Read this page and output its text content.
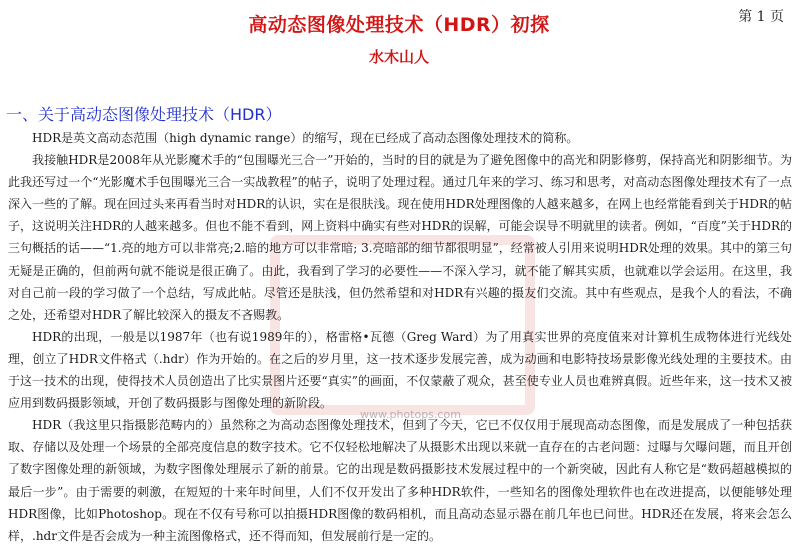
www.photops.com
第 1 页
高动态图像处理技术（HDR）初探
水木山人
一、关于高动态图像处理技术（HDR）

HDR是英文高动态范围（high dynamic range）的缩写，现在已经成了高动态图像处理技术的简称。

我接触HDR是2008年从光影魔术手的“包围曝光三合一”开始的，当时的目的就是为了避免图像中的高光和阴影修剪，保持高光和阴影细节。为此我还写过一个“光影魔术手包围曝光三合一实战教程”的帖子，说明了处理过程。通过几年来的学习、练习和思考，对高动态图像处理技术有了一点深入一些的了解。现在回过头来再看当时对HDR的认识，实在是很肤浅。现在使用HDR处理图像的人越来越多，在网上也经常能看到关于HDR的帖子，这说明关注HDR的人越来越多。但也不能不看到，网上资料中确实有些对HDR的误解，可能会误导不明就里的读者。例如，“百度”关于HDR的三句概括的话——“1.亮的地方可以非常亮;2.暗的地方可以非常暗; 3.亮暗部的细节都很明显”，经常被人引用来说明HDR处理的效果。其中的第三句无疑是正确的，但前两句就不能说是很正确了。由此，我看到了学习的必要性——不深入学习，就不能了解其实质，也就难以学会运用。在这里，我对自己前一段的学习做了一个总结，写成此帖。尽管还是肤浅，但仍然希望和对HDR有兴趣的摄友们交流。其中有些观点，是我个人的看法，不确之处，还希望对HDR了解比较深入的摄友不吝赐教。

HDR的出现，一般是以1987年（也有说1989年的），格雷格•瓦德（Greg Ward）为了用真实世界的亮度值来对计算机生成物体进行光线处理，创立了HDR文件格式（.hdr）作为开始的。在之后的岁月里，这一技术逐步发展完善，成为动画和电影特技场景影像光线处理的主要技术。由于这一技术的出现，使得技术人员创造出了比实景图片还要“真实”的画面，不仅蒙蔽了观众，甚至使专业人员也难辨真假。近些年来，这一技术又被应用到数码摄影领域，开创了数码摄影与图像处理的新阶段。

HDR（我这里只指摄影范畴内的）虽然称之为高动态图像处理技术，但到了今天，它已不仅仅用于展现高动态图像，而是发展成了一种包括获取、存储以及处理一个场景的全部亮度信息的数字技术。它不仅轻松地解决了从摄影术出现以来就一直存在的古老问题：过曝与欠曝问题，而且开创了数字图像处理的新领域，为数字图像处理展示了新的前景。它的出现是数码摄影技术发展过程中的一个新突破，因此有人称它是“数码超越模拟的最后一步”。由于需要的刺激，在短短的十来年时间里，人们不仅开发出了多种HDR软件，一些知名的图像处理软件也在改进提高，以便能够处理HDR图像，比如Photoshop。现在不仅有号称可以拍摄HDR图像的数码相机，而且高动态显示器在前几年也已问世。HDR还在发展，将来会怎么样，.hdr文件是否会成为一种主流图像格式，还不得而知，但发展前行是一定的。
